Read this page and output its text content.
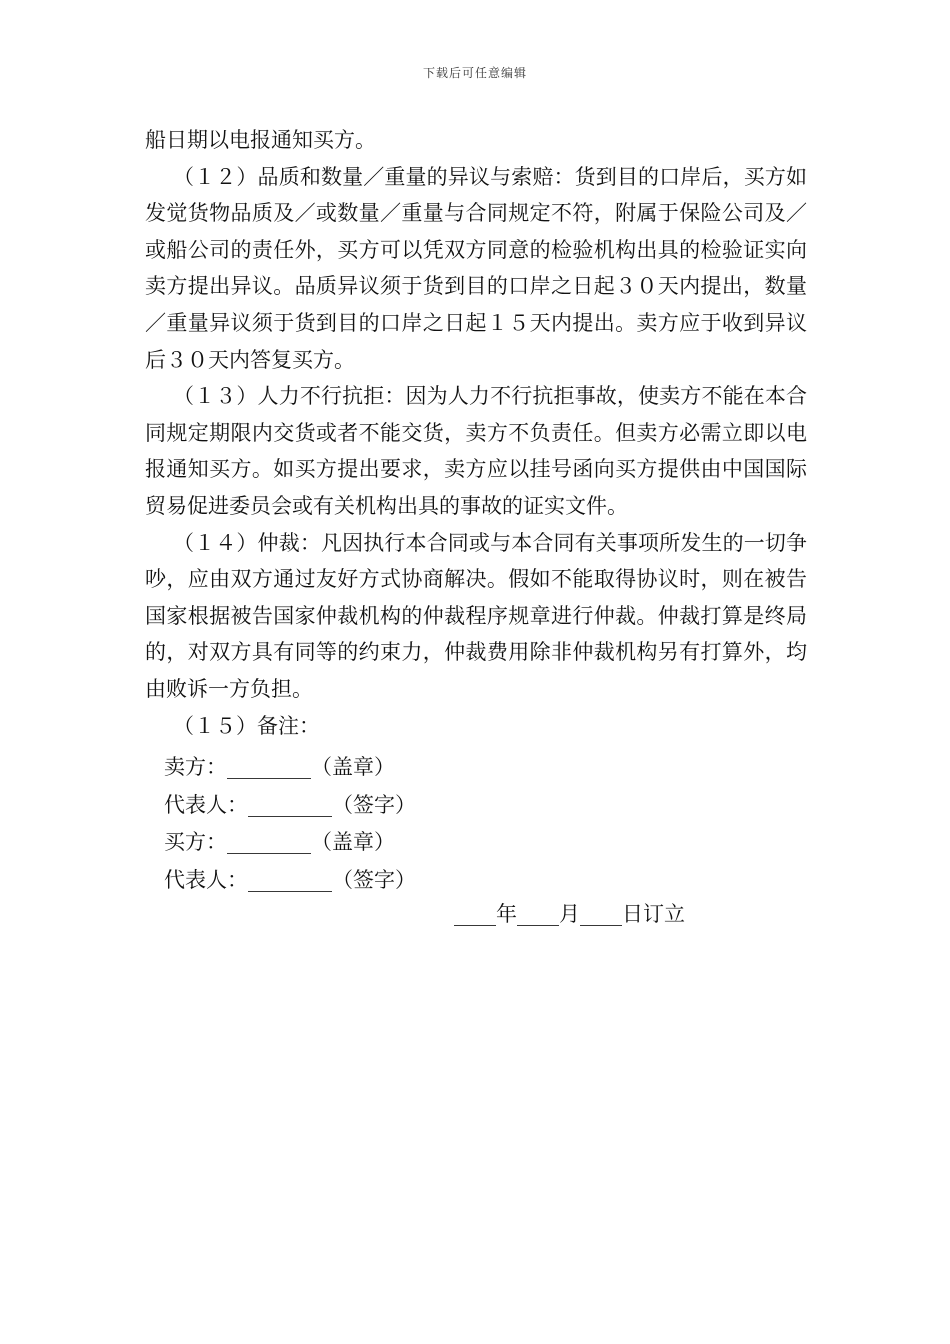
下载后可任意编辑

船日期以电报通知买方。

（１２）品质和数量／重量的异议与索赔：货到目的口岸后，买方如发觉货物品质及／或数量／重量与合同规定不符，附属于保险公司及／或船公司的责任外，买方可以凭双方同意的检验机构出具的检验证实向卖方提出异议。品质异议须于货到目的口岸之日起３０天内提出，数量／重量异议须于货到目的口岸之日起１５天内提出。卖方应于收到异议后３０天内答复买方。

（１３）人力不行抗拒：因为人力不行抗拒事故，使卖方不能在本合同规定期限内交货或者不能交货，卖方不负责任。但卖方必需立即以电报通知买方。如买方提出要求，卖方应以挂号函向买方提供由中国国际贸易促进委员会或有关机构出具的事故的证实文件。

（１４）仲裁：凡因执行本合同或与本合同有关事项所发生的一切争吵，应由双方通过友好方式协商解决。假如不能取得协议时，则在被告国家根据被告国家仲裁机构的仲裁程序规章进行仲裁。仲裁打算是终局的，对双方具有同等的约束力，仲裁费用除非仲裁机构另有打算外，均由败诉一方负担。

（１５）备注：

卖方：________（盖章）
代表人：________（签字）
买方：________（盖章）
代表人：________（签字）
____年____月____日订立
